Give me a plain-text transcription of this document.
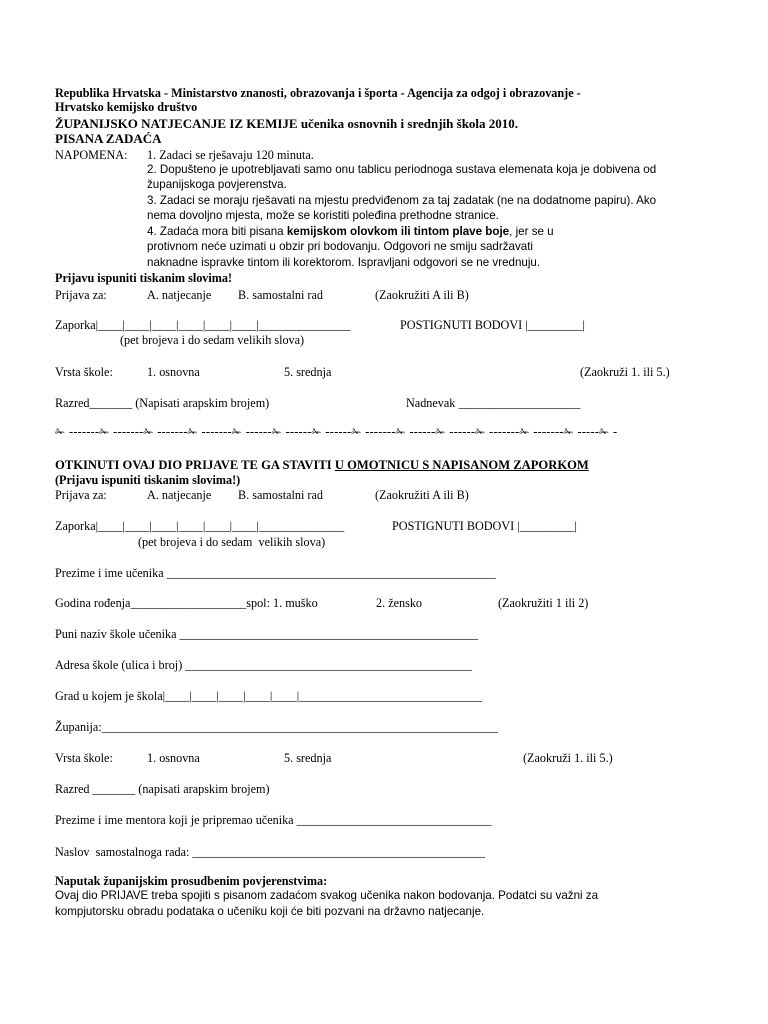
Republika Hrvatska - Ministarstvo znanosti, obrazovanja i športa - Agencija za odgoj i obrazovanje -
Hrvatsko kemijsko društvo
ŽUPANIJSKO NATJECANJE IZ KEMIJE učenika osnovnih i srednjih škola 2010.
PISANA ZADAĆA
NAPOMENA: 1. Zadaci se rješavaju 120 minuta.
2. Dopušteno je upotrebljavati samo onu tablicu periodnoga sustava elemenata koja je dobivena od
županijskoga povjerenstva.
3. Zadaci se moraju rješavati na mjestu predviđenom za taj zadatak (ne na dodatnome papiru). Ako
nema dovoljno mjesta, može se koristiti poleđina prethodne stranice.
4. Zadaća mora biti pisana kemijskom olovkom ili tintom plave boje, jer se u
protivnom neće uzimati u obzir pri bodovanju. Odgovori ne smiju sadržavati
naknadne ispravke tintom ili korektorom. Ispravljani odgovori se ne vrednuju.
Prijavu ispuniti tiskanim slovima!
Prijava za:	A. natjecanje B. samostalni rad	(Zaokružiti A ili B)
Zaporka|____|____|____|____|____|____|_______________	POSTIGNUTI BODOVI |_________|
(pet brojeva i do sedam velikih slova)
Vrsta škole:	1. osnovna	5. srednja	(Zaokruži 1. ili 5.)
Razred_______ (Napisati arapskim brojem)	Nadnevak ____________________
✁ -------✁ -------✁ -------✁ -------✁ ------✁ ------✁ ------✁ -------✁ ------✁ ------✁ -------✁ -------✁ -----✁ -
OTKINUTI OVAJ DIO PRIJAVE TE GA STAVITI U OMOTNICU S NAPISANOM ZAPORKOM
(Prijavu ispuniti tiskanim slovima!)
Prijava za:	A. natjecanje B. samostalni rad	(Zaokružiti A ili B)
Zaporka|____|____|____|____|____|____|______________	POSTIGNUTI BODOVI |_________|
(pet brojeva i do sedam  velikih slova)
Prezime i ime učenika ______________________________________________________
Godina rođenja___________________spol: 1. muško	2. žensko	(Zaokružiti 1 ili 2)
Puni naziv škole učenika _________________________________________________
Adresa škole (ulica i broj) _______________________________________________
Grad u kojem je škola|____|____|____|____|____|______________________________
Županija:_________________________________________________________________
Vrsta škole:	1. osnovna	5. srednja	(Zaokruži 1. ili 5.)
Razred _______ (napisati arapskim brojem)
Prezime i ime mentora koji je pripremao učenika ________________________________
Naslov  samostalnoga rada: ________________________________________________
Naputak županijskim prosudbenim povjerenstvima:
Ovaj dio PRIJAVE treba spojiti s pisanom zadaćom svakog učenika nakon bodovanja. Podatci su važni za
kompjutorsku obradu podataka o učeniku koji će biti pozvani na državno natjecanje.
